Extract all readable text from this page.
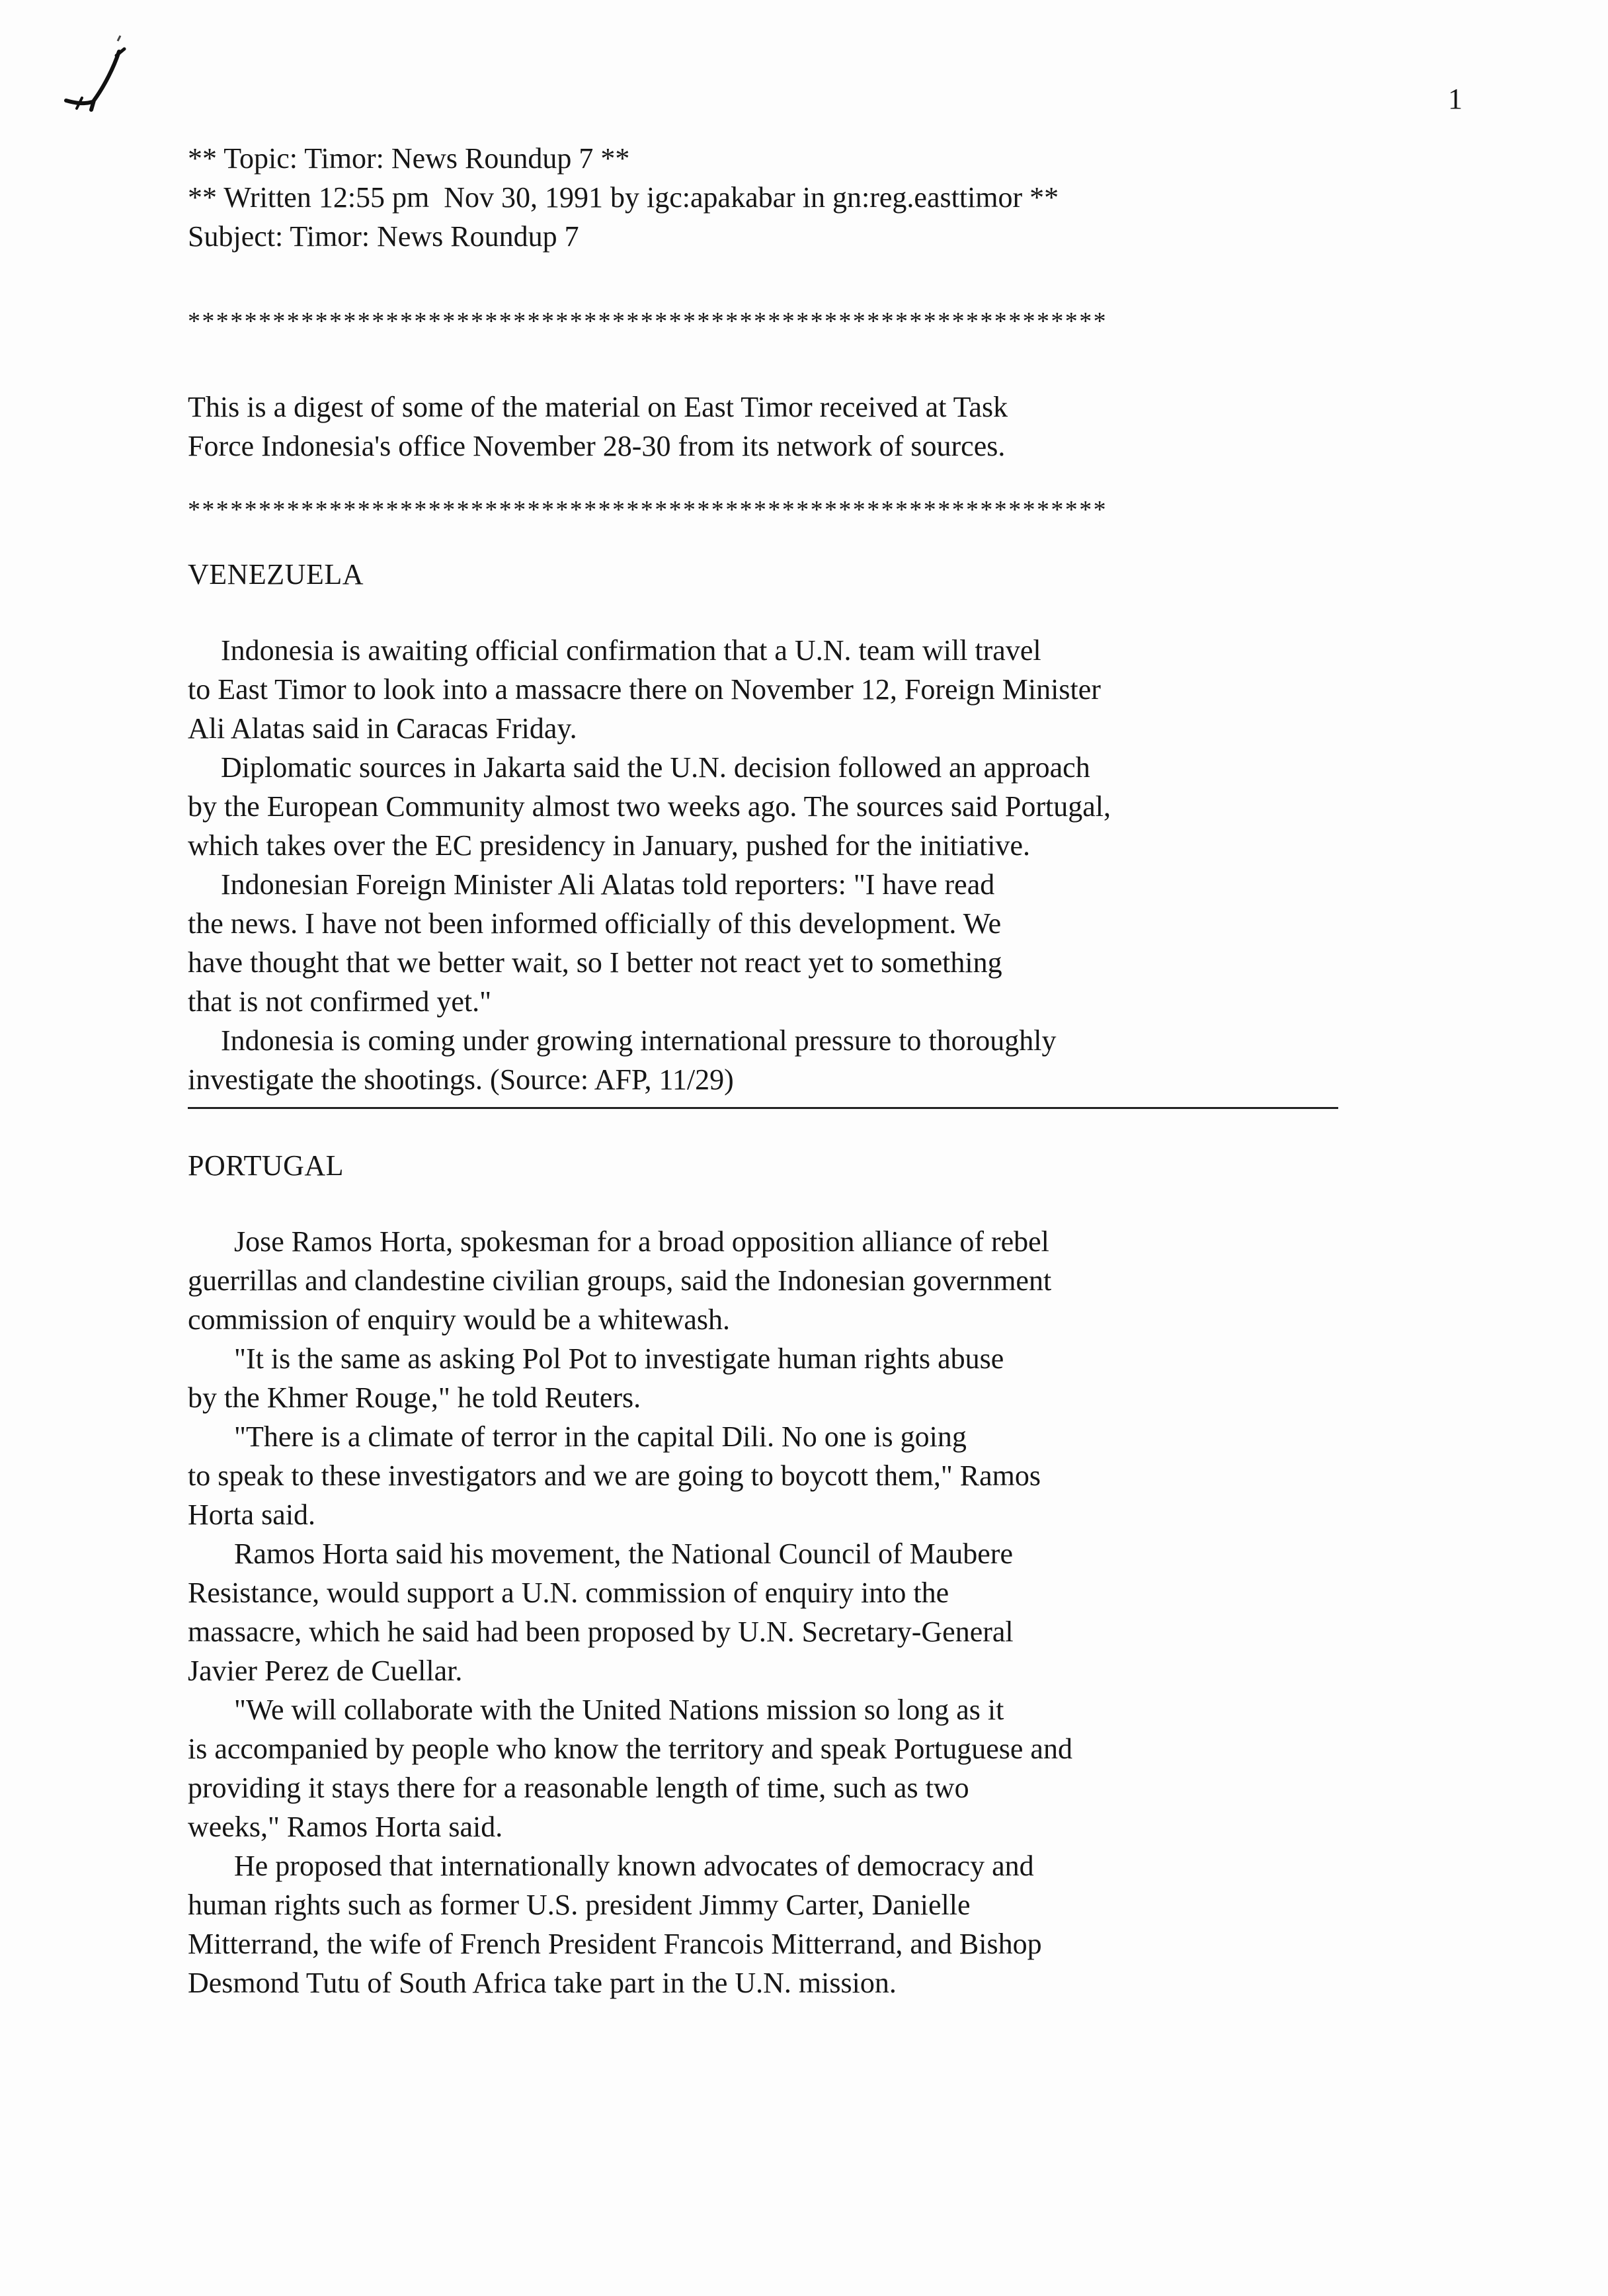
1
** Topic: Timor: News Roundup 7 **
** Written 12:55 pm  Nov 30, 1991 by igc:apakabar in gn:reg.easttimor **
Subject: Timor: News Roundup 7
*****************************************************************
This is a digest of some of the material on East Timor received at Task
Force Indonesia's office November 28-30 from its network of sources.
*****************************************************************
VENEZUELA
Indonesia is awaiting official confirmation that a U.N. team will travel
to East Timor to look into a massacre there on November 12, Foreign Minister
Ali Alatas said in Caracas Friday.
Diplomatic sources in Jakarta said the U.N. decision followed an approach
by the European Community almost two weeks ago. The sources said Portugal,
which takes over the EC presidency in January, pushed for the initiative.
Indonesian Foreign Minister Ali Alatas told reporters: "I have read
the news. I have not been informed officially of this development. We
have thought that we better wait, so I better not react yet to something
that is not confirmed yet."
Indonesia is coming under growing international pressure to thoroughly
investigate the shootings. (Source: AFP, 11/29)
PORTUGAL
Jose Ramos Horta, spokesman for a broad opposition alliance of rebel
guerrillas and clandestine civilian groups, said the Indonesian government
commission of enquiry would be a whitewash.
"It is the same as asking Pol Pot to investigate human rights abuse
by the Khmer Rouge," he told Reuters.
"There is a climate of terror in the capital Dili. No one is going
to speak to these investigators and we are going to boycott them," Ramos
Horta said.
Ramos Horta said his movement, the National Council of Maubere
Resistance, would support a U.N. commission of enquiry into the
massacre, which he said had been proposed by U.N. Secretary-General
Javier Perez de Cuellar.
"We will collaborate with the United Nations mission so long as it
is accompanied by people who know the territory and speak Portuguese and
providing it stays there for a reasonable length of time, such as two
weeks," Ramos Horta said.
He proposed that internationally known advocates of democracy and
human rights such as former U.S. president Jimmy Carter, Danielle
Mitterrand, the wife of French President Francois Mitterrand, and Bishop
Desmond Tutu of South Africa take part in the U.N. mission.
